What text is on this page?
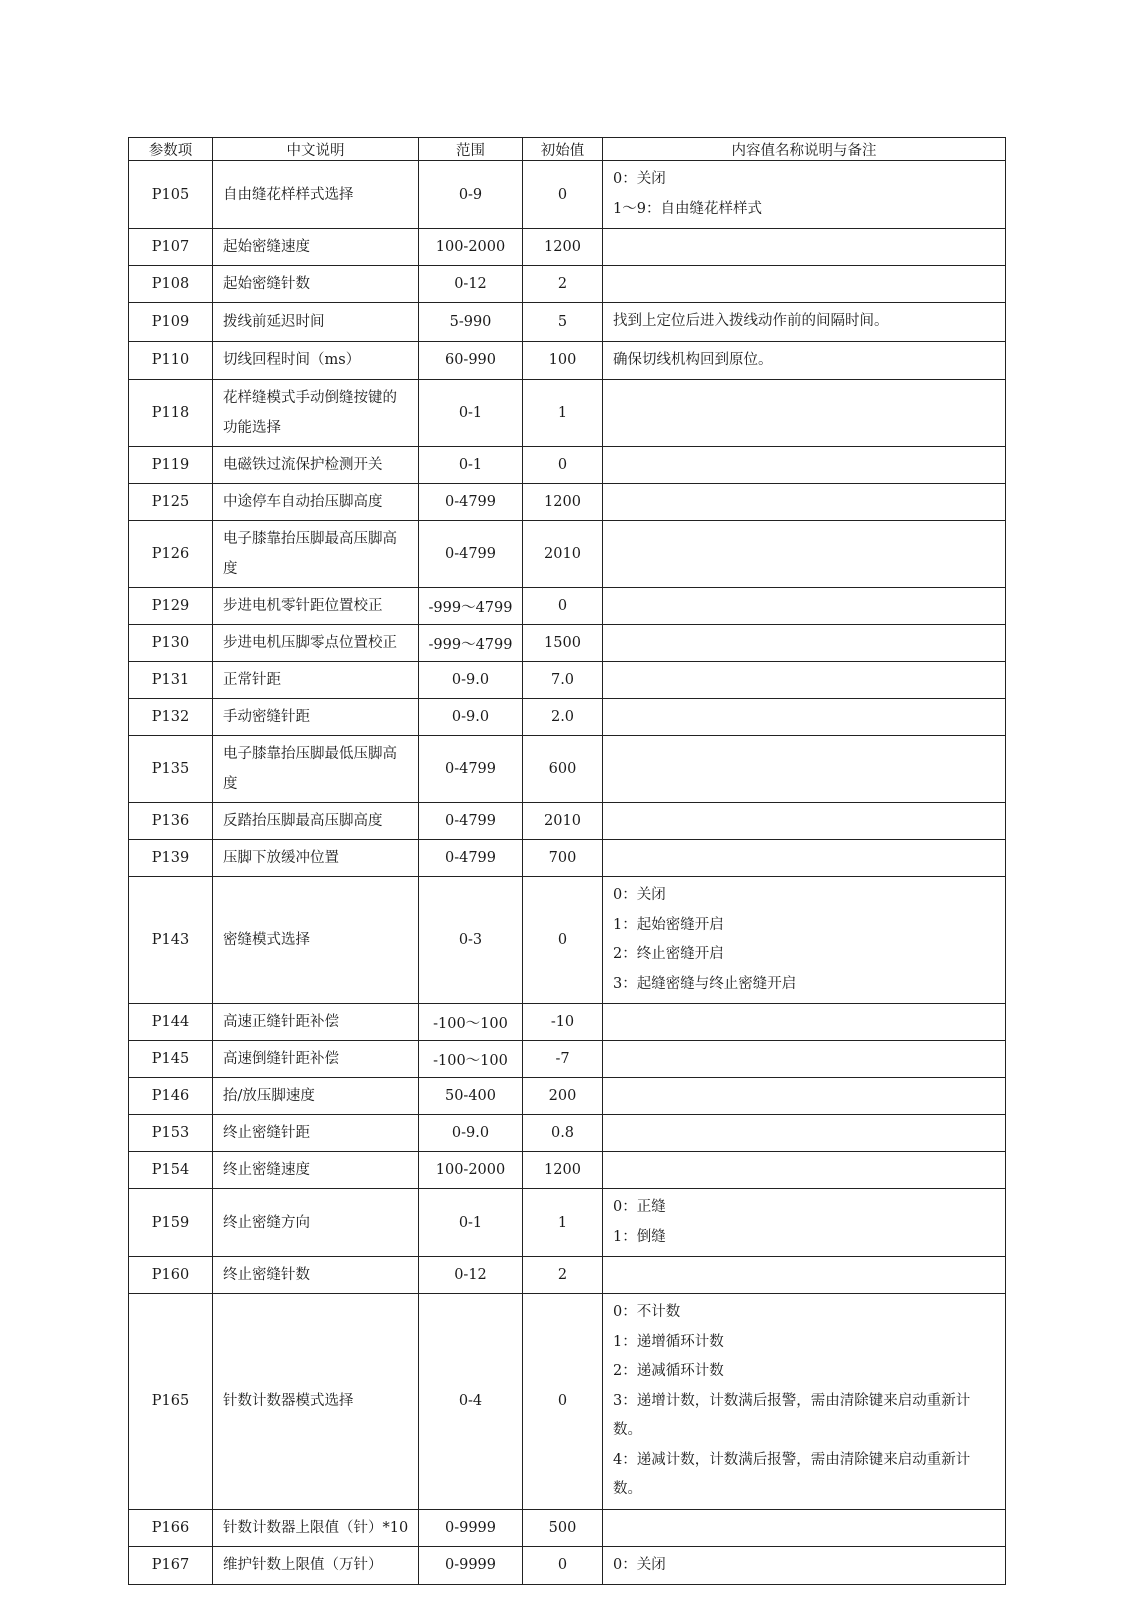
参数项	中文说明	范围	初始值	内容值名称说明与备注
P105	自由缝花样样式选择	0-9	0	0：关闭
1～9：自由缝花样样式

P107	起始密缝速度	100-2000	1200	
P108	起始密缝针数	0-12	2	
P109	拨线前延迟时间	5-990	5	找到上定位后进入拨线动作前的间隔时间。

P110	切线回程时间（ms）	60-990	100	确保切线机构回到原位。

P118	花样缝模式手动倒缝按键的功能选择	0-1	1	
P119	电磁铁过流保护检测开关	0-1	0	
P125	中途停车自动抬压脚高度	0-4799	1200	
P126	电子膝靠抬压脚最高压脚高度	0-4799	2010	
P129	步进电机零针距位置校正	-999～4799	0	
P130	步进电机压脚零点位置校正	-999～4799	1500	
P131	正常针距	0-9.0	7.0	
P132	手动密缝针距	0-9.0	2.0	
P135	电子膝靠抬压脚最低压脚高度	0-4799	600	
P136	反踏抬压脚最高压脚高度	0-4799	2010	
P139	压脚下放缓冲位置	0-4799	700	
P143	密缝模式选择	0-3	0	0：关闭
1：起始密缝开启
2：终止密缝开启
3：起缝密缝与终止密缝开启

P144	高速正缝针距补偿	-100～100	-10	
P145	高速倒缝针距补偿	-100～100	-7	
P146	抬/放压脚速度	50-400	200	
P153	终止密缝针距	0-9.0	0.8	
P154	终止密缝速度	100-2000	1200	
P159	终止密缝方向	0-1	1	0：正缝
1：倒缝

P160	终止密缝针数	0-12	2	
P165	针数计数器模式选择	0-4	0	0：不计数
1：递增循环计数
2：递减循环计数
3：递增计数，计数满后报警，需由清除键来启动重新计数。
4：递减计数，计数满后报警，需由清除键来启动重新计数。

P166	针数计数器上限值（针）*10	0-9999	500	
P167	维护针数上限值（万针）	0-9999	0	0：关闭
